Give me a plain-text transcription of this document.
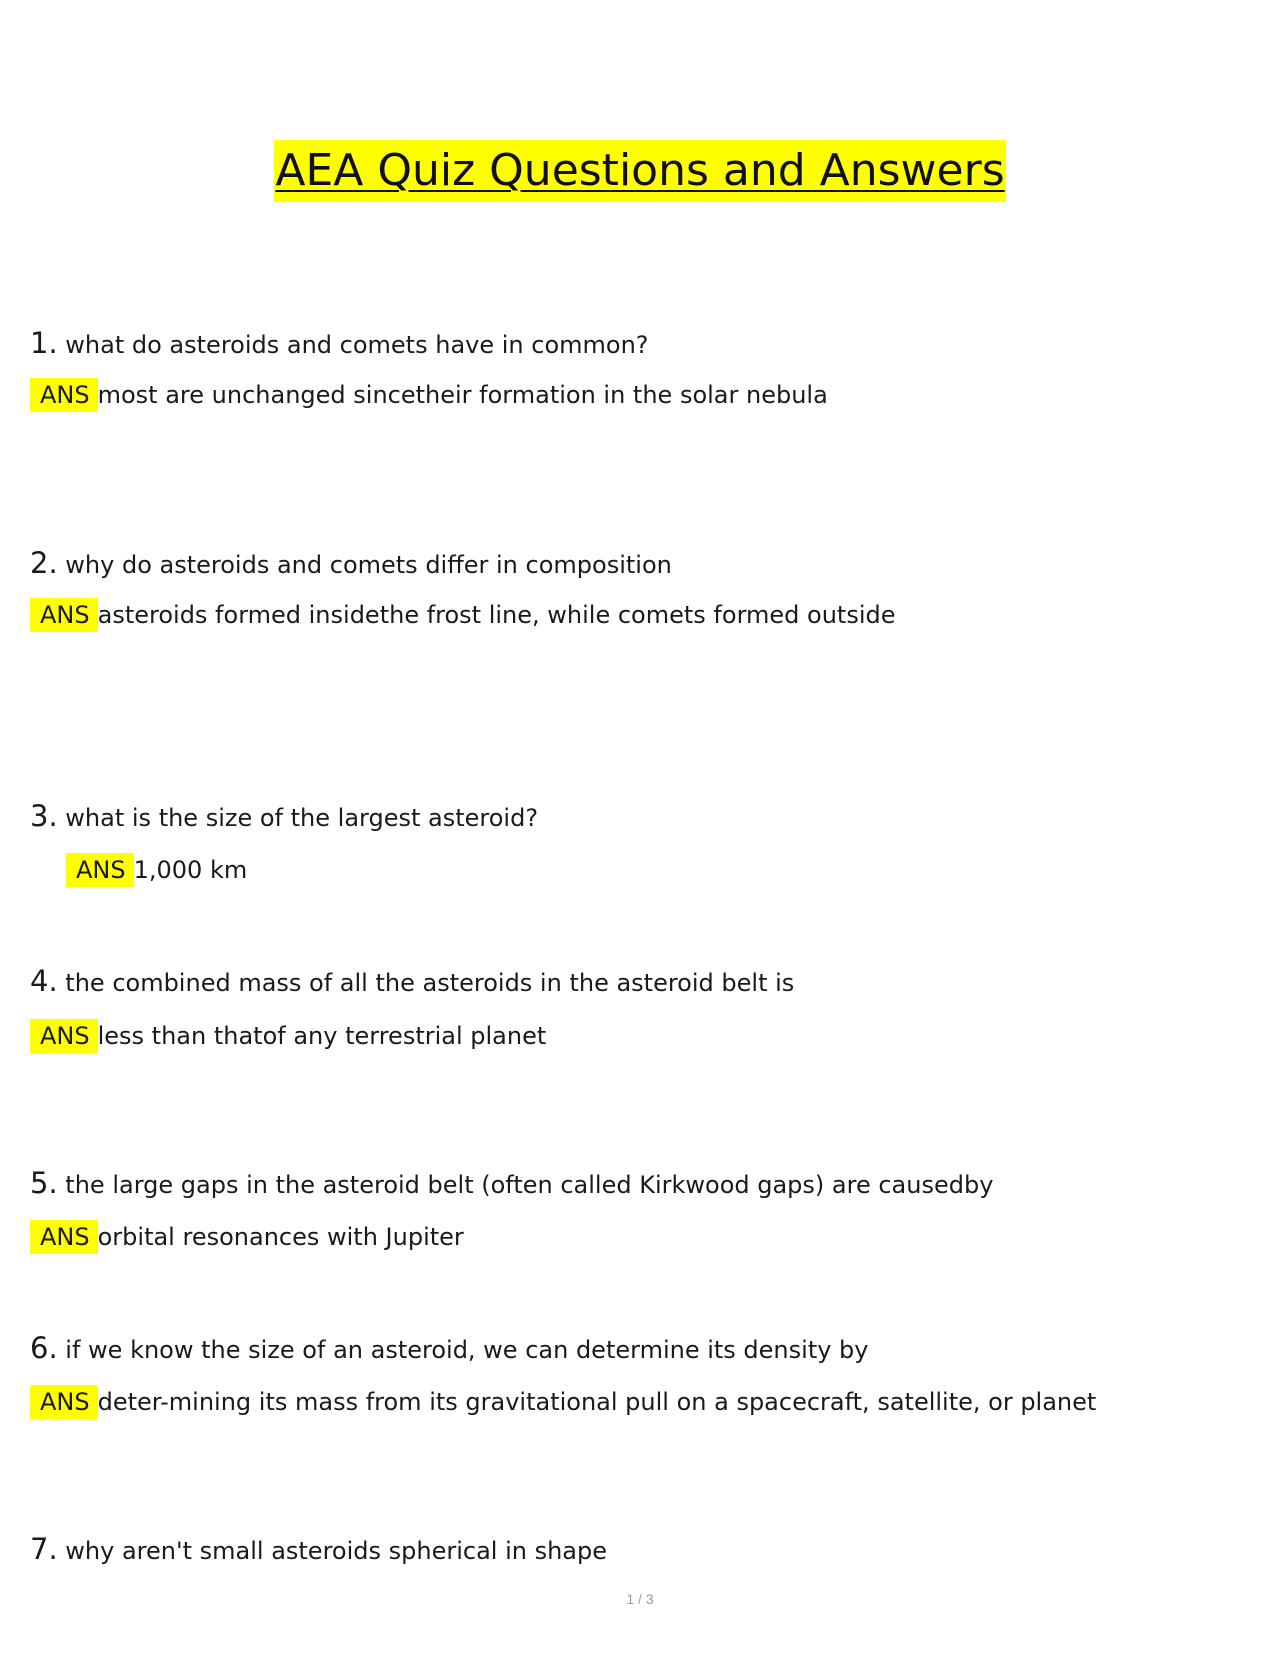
AEA Quiz Questions and Answers
1. what do asteroids and comets have in common?
ANS most are unchanged sincetheir formation in the solar nebula
2. why do asteroids and comets differ in composition
ANS asteroids formed insidethe frost line, while comets formed outside
3. what is the size of the largest asteroid?
ANS 1,000 km
4. the combined mass of all the asteroids in the asteroid belt is
ANS less than thatof any terrestrial planet
5. the large gaps in the asteroid belt (often called Kirkwood gaps) are causedby
ANS orbital resonances with Jupiter
6. if we know the size of an asteroid, we can determine its density by
ANS deter-mining its mass from its gravitational pull on a spacecraft, satellite, or planet
7. why aren't small asteroids spherical in shape
1 / 3
